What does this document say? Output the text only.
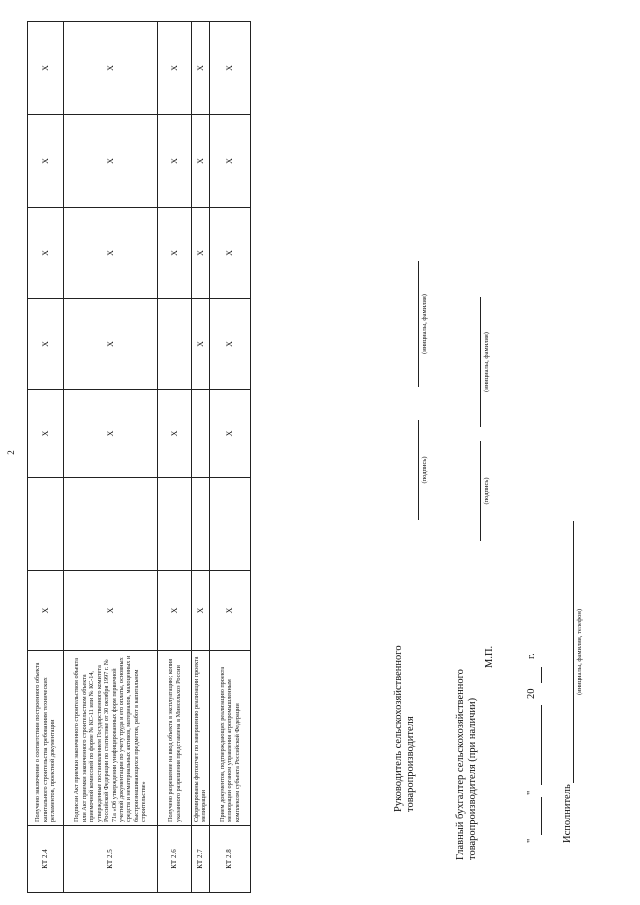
2
КТ 2.4	Получено заключение о соответствии построенного объекта капитального строительства требованиям технических регламентов, проектной документации	Х		Х	Х	Х	Х	Х
КТ 2.5	Подписан Акт приемки законченного строительством объекта или Акт приемки законченного строительством объекта приемочной комиссией по форме № КС-11 или № КС-14, утвержденные постановлением Государственного комитета Российской Федерации по статистике от 30 октября 1997 г. № 71а «Об утверждении унифицированных форм первичной учетной документации по учету труда и его оплаты, основных средств и нематериальных активов, материалов, малоценных и быстроизнашивающихся предметов, работ в капитальном строительстве»	Х		Х	Х	Х	Х	Х
КТ 2.6	Получено разрешение на ввод объекта в эксплуатацию; копия указанного разрешения представлена в Минсельхоз России	Х		Х		Х	Х	Х
КТ 2.7	Сформированы фотоотчет по завершению реализации проекта мелиорации	Х			Х	Х	Х	Х
КТ 2.8	Прием документов, подтверждающих реализацию проекта мелиорации органом управления агропромышленным комплексом субъекта Российской Федерации	Х		Х	Х	Х	Х	Х
Руководитель сельскохозяйственного товаропроизводителя
(подпись)
(инициалы, фамилия)
Главный бухгалтер сельскохозяйственного товаропроизводителя (при наличии)
(подпись)
(инициалы, фамилия)
М.П.
"
"
20
г.
Исполнитель
(инициалы, фамилия, телефон)
